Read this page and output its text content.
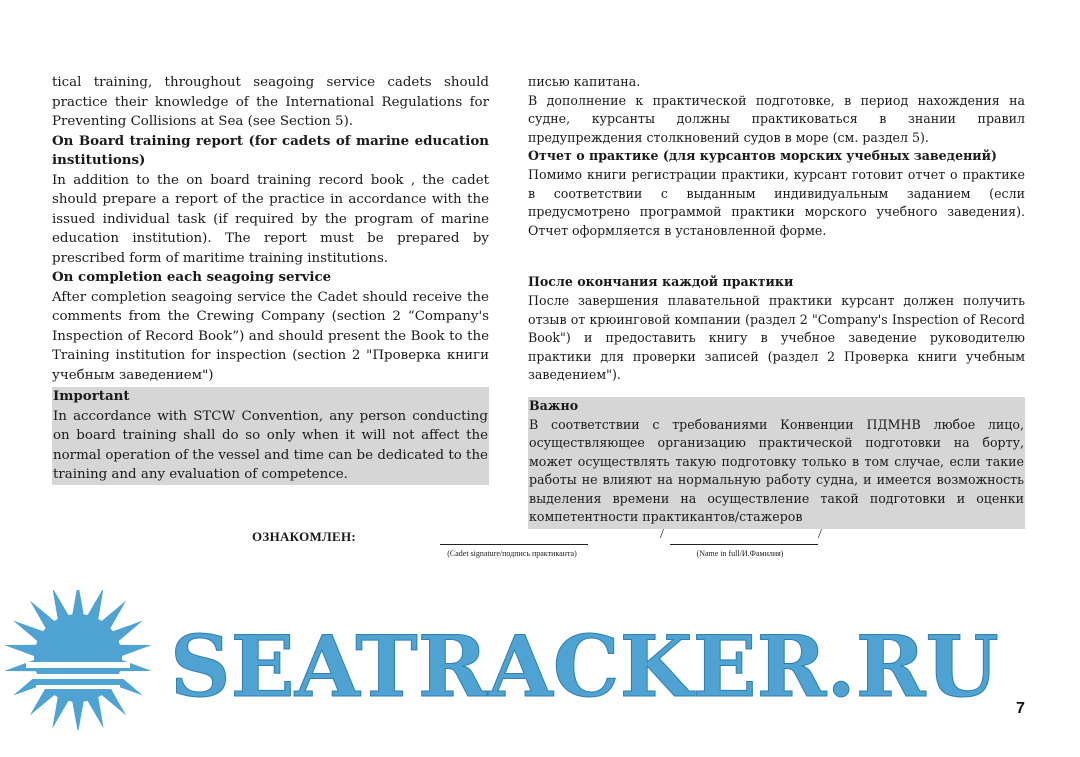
tical training, throughout seagoing service cadets should practice their knowledge of the International Regulations for Preventing Collisions at Sea (see Section 5).

On Board training report (for cadets of marine education institutions)

In addition to the on board training record book , the cadet should prepare a report of the practice in accordance with the issued individual task (if required by the program of marine education institution). The report must be prepared by prescribed form of maritime training institutions.

On completion each seagoing service

After completion seagoing service the Cadet should receive the comments from the Crewing Company (section 2 “Company's Inspection of Record Book”) and should present the Book to the Training institution for inspection (section 2 "Проверка книги учебным заведением")

Important

In accordance with STCW Convention, any person conducting on board training shall do so only when it will not affect the normal operation of the vessel and time can be dedicated to the training and any evaluation of competence.

писью капитана.

В дополнение к практической подготовке, в период нахождения на судне, курсанты должны практиковаться в знании правил предупреждения столкновений судов в море (см. раздел 5).

Отчет о практике (для курсантов морских учебных заведений)

Помимо книги регистрации практики, курсант готовит отчет о практике в соответствии с выданным индивидуальным заданием (если предусмотрено программой практики морского учебного заведения). Отчет оформляется в установленной форме.

После окончания каждой практики

После завершения плавательной практики курсант должен получить отзыв от крюинговой компании (раздел 2 "Company's Inspection of Record Book") и предоставить книгу в учебное заведение руководителю практики для проверки записей (раздел 2 Проверка книги учебным заведением").

Важно

В соответствии с требованиями Конвенции ПДМНВ любое лицо, осуществляющее организацию практической подготовки на борту, может осуществлять такую подготовку только в том случае, если такие работы не влияют на нормальную работу судна, и имеется возможность выделения времени на осуществление такой подготовки и оценки компетентности практикантов/стажеров

ОЗНАКОМЛЕН:
(Cadet signature/подпись практиканта)
/	/
(Name in full/И.Фамилия)
SEATRACKER.RU 7
